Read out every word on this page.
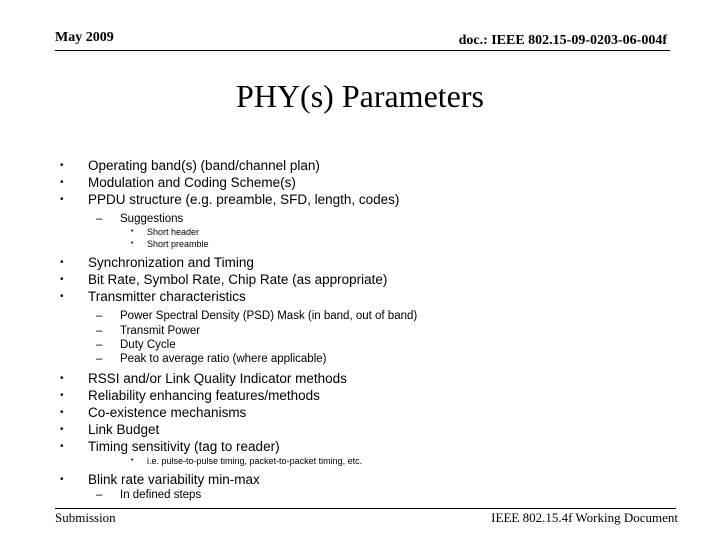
May 2009	doc.: IEEE 802.15-09-0203-06-004f
PHY(s) Parameters
• Operating band(s) (band/channel plan)
• Modulation and Coding Scheme(s)
• PPDU structure (e.g. preamble, SFD, length, codes)
– Suggestions
• Short header
• Short preamble
• Synchronization and Timing
• Bit Rate, Symbol Rate, Chip Rate (as appropriate)
• Transmitter characteristics
– Power Spectral Density (PSD) Mask (in band, out of band)
– Transmit Power
– Duty Cycle
– Peak to average ratio (where applicable)
• RSSI and/or Link Quality Indicator methods
• Reliability enhancing features/methods
• Co-existence mechanisms
• Link Budget
• Timing sensitivity (tag to reader)
• i.e. pulse-to-pulse timing, packet-to-packet timing, etc.
• Blink rate variability min-max
– In defined steps
Submission	IEEE 802.15.4f Working Document
